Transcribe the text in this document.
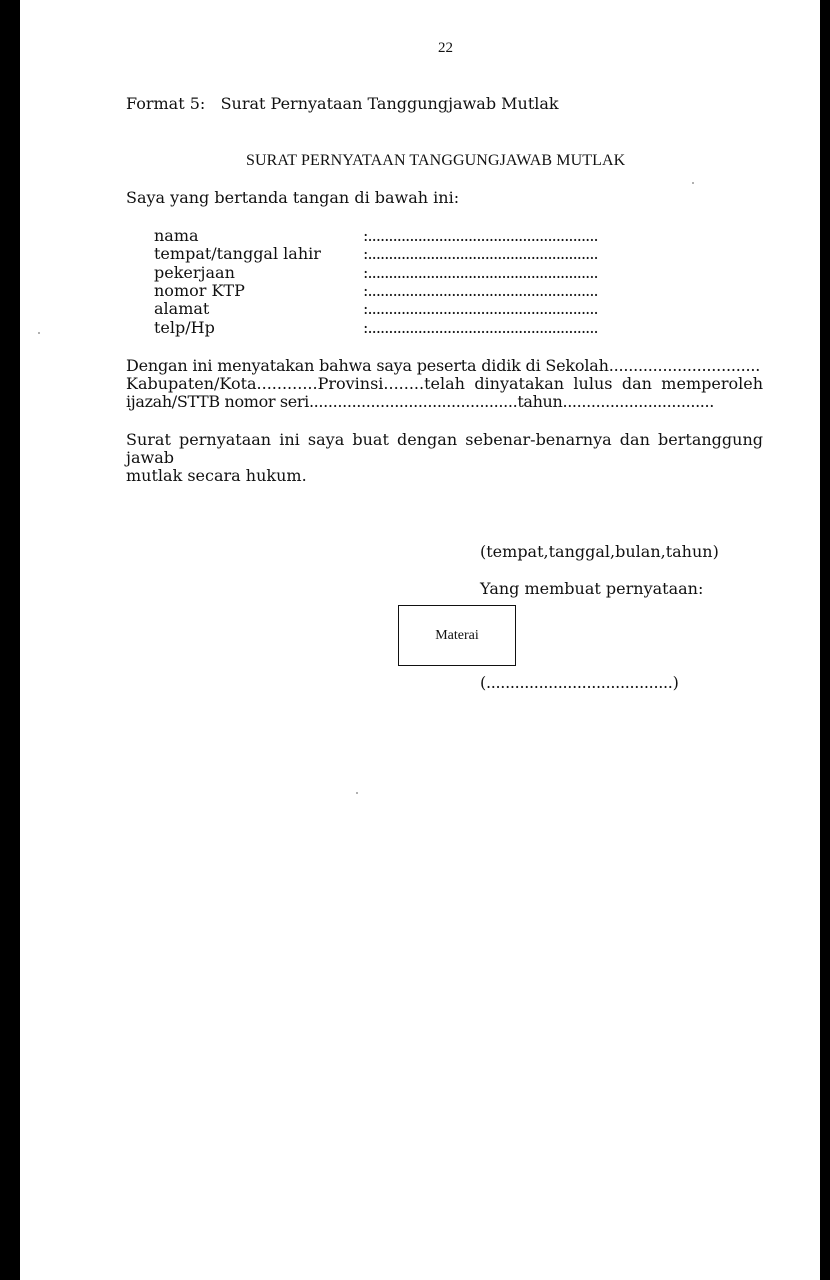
22
Format 5:   Surat Pernyataan Tanggungjawab Mutlak
SURAT PERNYATAAN TANGGUNGJAWAB MUTLAK
Saya yang bertanda tangan di bawah ini:
nama	:.......................................................
tempat/tanggal lahir	:.......................................................
pekerjaan	:.......................................................
nomor KTP	:.......................................................
alamat	:.......................................................
telp/Hp	:.......................................................
Dengan ini menyatakan bahwa saya peserta didik di Sekolah...............................
Kabupaten/Kota............Provinsi........telah dinyatakan lulus dan memperoleh
ijazah/STTB nomor seri............................................tahun................................
Surat pernyataan ini saya buat dengan sebenar-benarnya dan bertanggung jawab
mutlak secara hukum.
(tempat,tanggal,bulan,tahun)
Yang membuat pernyataan:
Materai
(.......................................)
